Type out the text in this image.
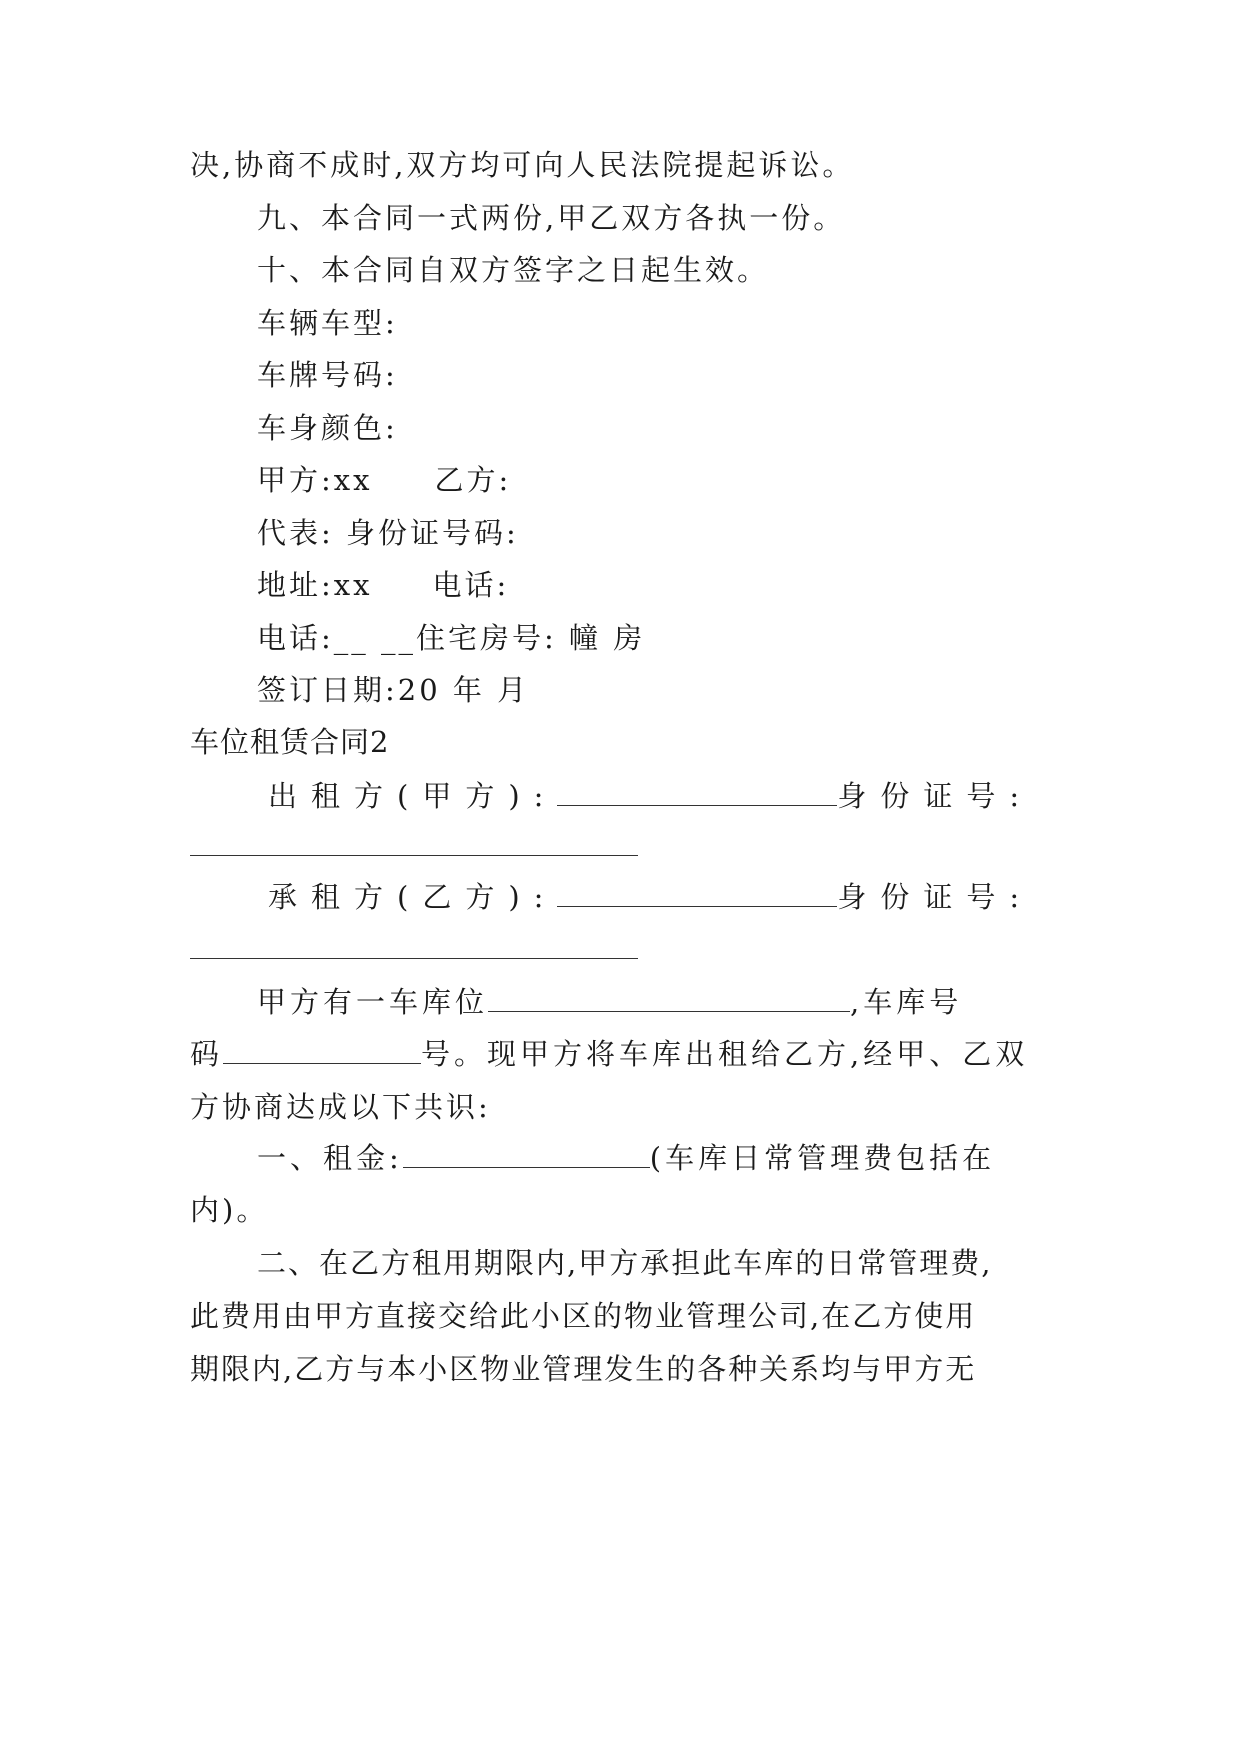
决,协商不成时,双方均可向人民法院提起诉讼。
九、本合同一式两份,甲乙双方各执一份。
十、本合同自双方签字之日起生效。
车辆车型:
车牌号码:
车身颜色:
甲方:xx 乙方:
代表: 身份证号码:
地址:xx 电话:
电话:__ __住宅房号: 幢 房
签订日期:20 年 月
车位租赁合同2
出租方(甲方):	身份证号:
承租方(乙方):	身份证号:
甲方有一车库位	,车库号
码	号。现甲方将车库出租给乙方,经甲、乙双
方协商达成以下共识:
一、租金:	(车库日常管理费包括在
内)。
二、在乙方租用期限内,甲方承担此车库的日常管理费,
此费用由甲方直接交给此小区的物业管理公司,在乙方使用
期限内,乙方与本小区物业管理发生的各种关系均与甲方无
